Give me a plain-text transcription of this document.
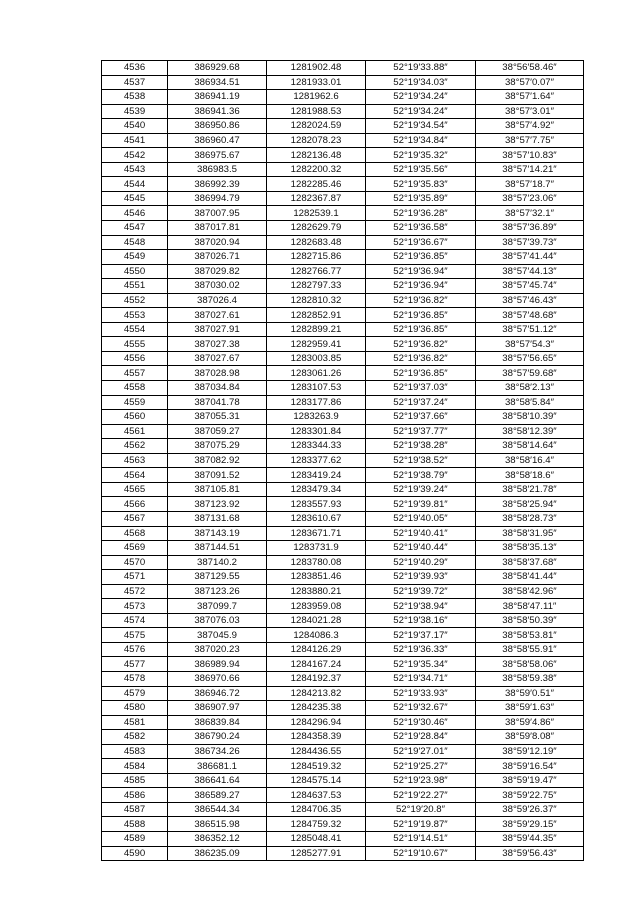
4536	386929.68	1281902.48	52°19′33.88″	38°56′58.46″
4537	386934.51	1281933.01	52°19′34.03″	38°57′0.07″
4538	386941.19	1281962.6	52°19′34.24″	38°57′1.64″
4539	386941.36	1281988.53	52°19′34.24″	38°57′3.01″
4540	386950.86	1282024.59	52°19′34.54″	38°57′4.92″
4541	386960.47	1282078.23	52°19′34.84″	38°57′7.75″
4542	386975.67	1282136.48	52°19′35.32″	38°57′10.83″
4543	386983.5	1282200.32	52°19′35.56″	38°57′14.21″
4544	386992.39	1282285.46	52°19′35.83″	38°57′18.7″
4545	386994.79	1282367.87	52°19′35.89″	38°57′23.06″
4546	387007.95	1282539.1	52°19′36.28″	38°57′32.1″
4547	387017.81	1282629.79	52°19′36.58″	38°57′36.89″
4548	387020.94	1282683.48	52°19′36.67″	38°57′39.73″
4549	387026.71	1282715.86	52°19′36.85″	38°57′41.44″
4550	387029.82	1282766.77	52°19′36.94″	38°57′44.13″
4551	387030.02	1282797.33	52°19′36.94″	38°57′45.74″
4552	387026.4	1282810.32	52°19′36.82″	38°57′46.43″
4553	387027.61	1282852.91	52°19′36.85″	38°57′48.68″
4554	387027.91	1282899.21	52°19′36.85″	38°57′51.12″
4555	387027.38	1282959.41	52°19′36.82″	38°57′54.3″
4556	387027.67	1283003.85	52°19′36.82″	38°57′56.65″
4557	387028.98	1283061.26	52°19′36.85″	38°57′59.68″
4558	387034.84	1283107.53	52°19′37.03″	38°58′2.13″
4559	387041.78	1283177.86	52°19′37.24″	38°58′5.84″
4560	387055.31	1283263.9	52°19′37.66″	38°58′10.39″
4561	387059.27	1283301.84	52°19′37.77″	38°58′12.39″
4562	387075.29	1283344.33	52°19′38.28″	38°58′14.64″
4563	387082.92	1283377.62	52°19′38.52″	38°58′16.4″
4564	387091.52	1283419.24	52°19′38.79″	38°58′18.6″
4565	387105.81	1283479.34	52°19′39.24″	38°58′21.78″
4566	387123.92	1283557.93	52°19′39.81″	38°58′25.94″
4567	387131.68	1283610.67	52°19′40.05″	38°58′28.73″
4568	387143.19	1283671.71	52°19′40.41″	38°58′31.95″
4569	387144.51	1283731.9	52°19′40.44″	38°58′35.13″
4570	387140.2	1283780.08	52°19′40.29″	38°58′37.68″
4571	387129.55	1283851.46	52°19′39.93″	38°58′41.44″
4572	387123.26	1283880.21	52°19′39.72″	38°58′42.96″
4573	387099.7	1283959.08	52°19′38.94″	38°58′47.11″
4574	387076.03	1284021.28	52°19′38.16″	38°58′50.39″
4575	387045.9	1284086.3	52°19′37.17″	38°58′53.81″
4576	387020.23	1284126.29	52°19′36.33″	38°58′55.91″
4577	386989.94	1284167.24	52°19′35.34″	38°58′58.06″
4578	386970.66	1284192.37	52°19′34.71″	38°58′59.38″
4579	386946.72	1284213.82	52°19′33.93″	38°59′0.51″
4580	386907.97	1284235.38	52°19′32.67″	38°59′1.63″
4581	386839.84	1284296.94	52°19′30.46″	38°59′4.86″
4582	386790.24	1284358.39	52°19′28.84″	38°59′8.08″
4583	386734.26	1284436.55	52°19′27.01″	38°59′12.19″
4584	386681.1	1284519.32	52°19′25.27″	38°59′16.54″
4585	386641.64	1284575.14	52°19′23.98″	38°59′19.47″
4586	386589.27	1284637.53	52°19′22.27″	38°59′22.75″
4587	386544.34	1284706.35	52°19′20.8″	38°59′26.37″
4588	386515.98	1284759.32	52°19′19.87″	38°59′29.15″
4589	386352.12	1285048.41	52°19′14.51″	38°59′44.35″
4590	386235.09	1285277.91	52°19′10.67″	38°59′56.43″
